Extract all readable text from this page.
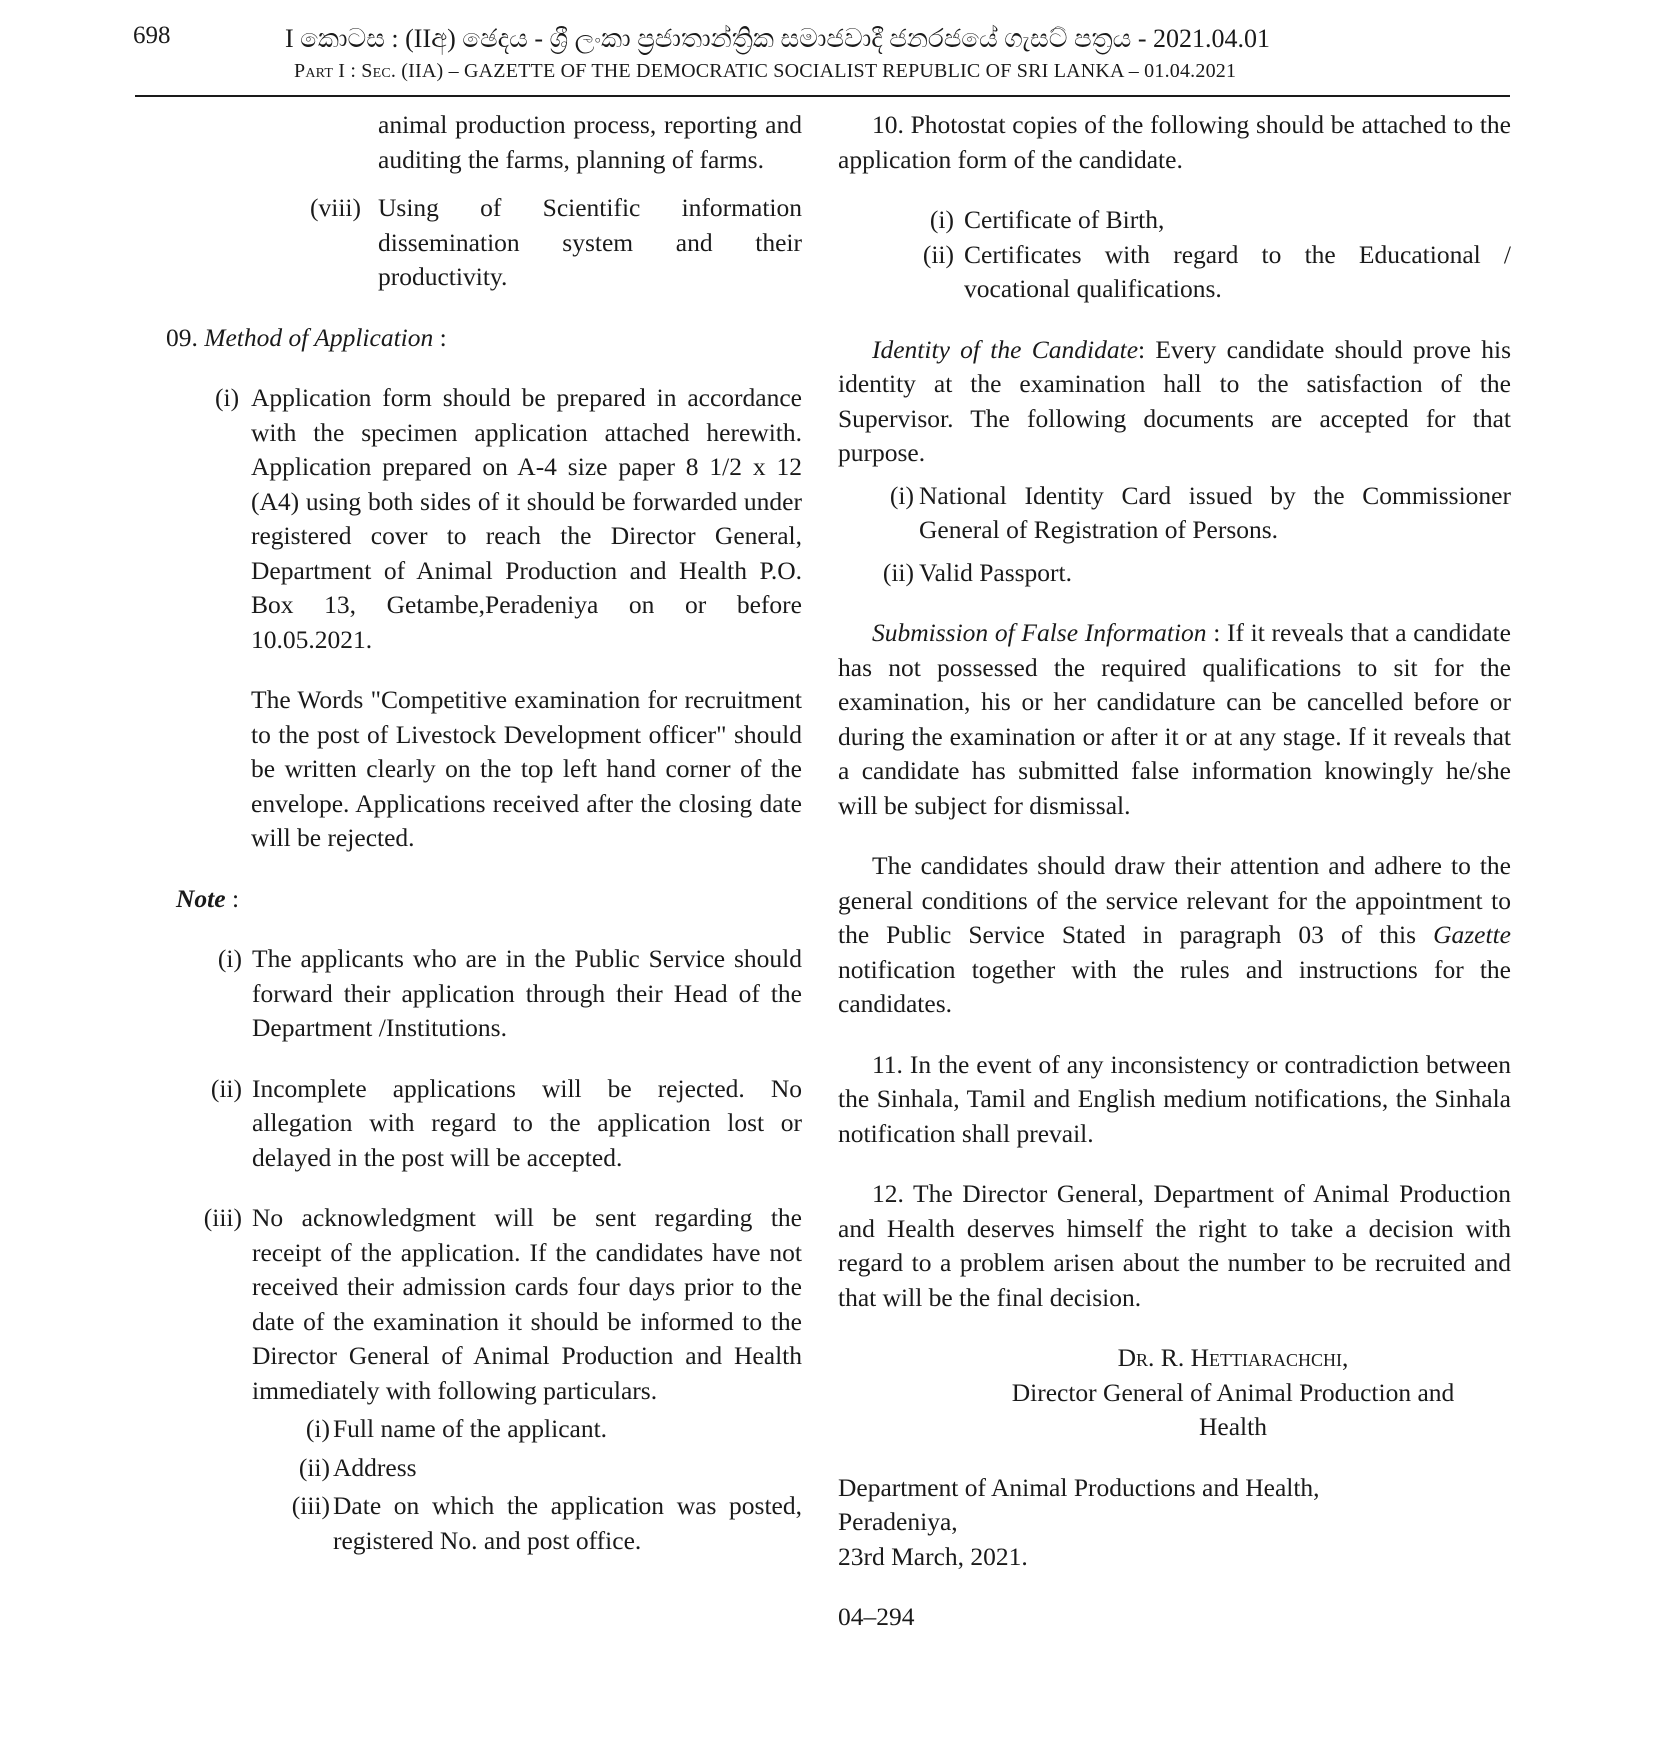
698	I කොටස : (IIඅ) ඡෙදය - ශ්‍රී ලංකා ප්‍රජාතාන්ත්‍රික සමාජවාදී ජනරජයේ ගැසට් පත්‍රය - 2021.04.01
Part I : Sec. (IIA) – GAZETTE OF THE DEMOCRATIC SOCIALIST REPUBLIC OF SRI LANKA – 01.04.2021

animal production process, reporting and auditing the farms, planning of farms.

(viii) Using of Scientific information dissemination system and their productivity.

09. Method of Application :

(i) Application form should be prepared in accordance with the specimen application attached herewith. Application prepared on A-4 size paper 8 1/2 x 12 (A4) using both sides of it should be forwarded under registered cover to reach the Director General, Department of Animal Production and Health P.O. Box 13, Getambe,Peradeniya on or before 10.05.2021.

The Words "Competitive examination for recruitment to the post of Livestock Development officer" should be written clearly on the top left hand corner of the envelope. Applications received after the closing date will be rejected.

Note :

(i) The applicants who are in the Public Service should forward their application through their Head of the Department /Institutions.
(ii) Incomplete applications will be rejected. No allegation with regard to the application lost or delayed in the post will be accepted.
(iii) No acknowledgment will be sent regarding the receipt of the application. If the candidates have not received their admission cards four days prior to the date of the examination it should be informed to the Director General of Animal Production and Health immediately with following particulars.
(i) Full name of the applicant.
(ii) Address
(iii) Date on which the application was posted, registered No. and post office.

10. Photostat copies of the following should be attached to the application form of the candidate.

(i) Certificate of Birth,
(ii) Certificates with regard to the Educational / vocational qualifications.

Identity of the Candidate: Every candidate should prove his identity at the examination hall to the satisfaction of the Supervisor. The following documents are accepted for that purpose.

(i) National Identity Card issued by the Commissioner General of Registration of Persons.
(ii) Valid Passport.

Submission of False Information : If it reveals that a candidate has not possessed the required qualifications to sit for the examination, his or her candidature can be cancelled before or during the examination or after it or at any stage. If it reveals that a candidate has submitted false information knowingly he/she will be subject for dismissal.

The candidates should draw their attention and adhere to the general conditions of the service relevant for the appointment to the Public Service Stated in paragraph 03 of this Gazette notification together with the rules and instructions for the candidates.

11. In the event of any inconsistency or contradiction between the Sinhala, Tamil and English medium notifications, the Sinhala notification shall prevail.

12. The Director General, Department of Animal Production and Health deserves himself the right to take a decision with regard to a problem arisen about the number to be recruited and that will be the final decision.

Dr. R. Hettiarachchi,

Director General of Animal Production and

Health

Department of Animal Productions and Health,

Peradeniya,

23rd March, 2021.

04–294
